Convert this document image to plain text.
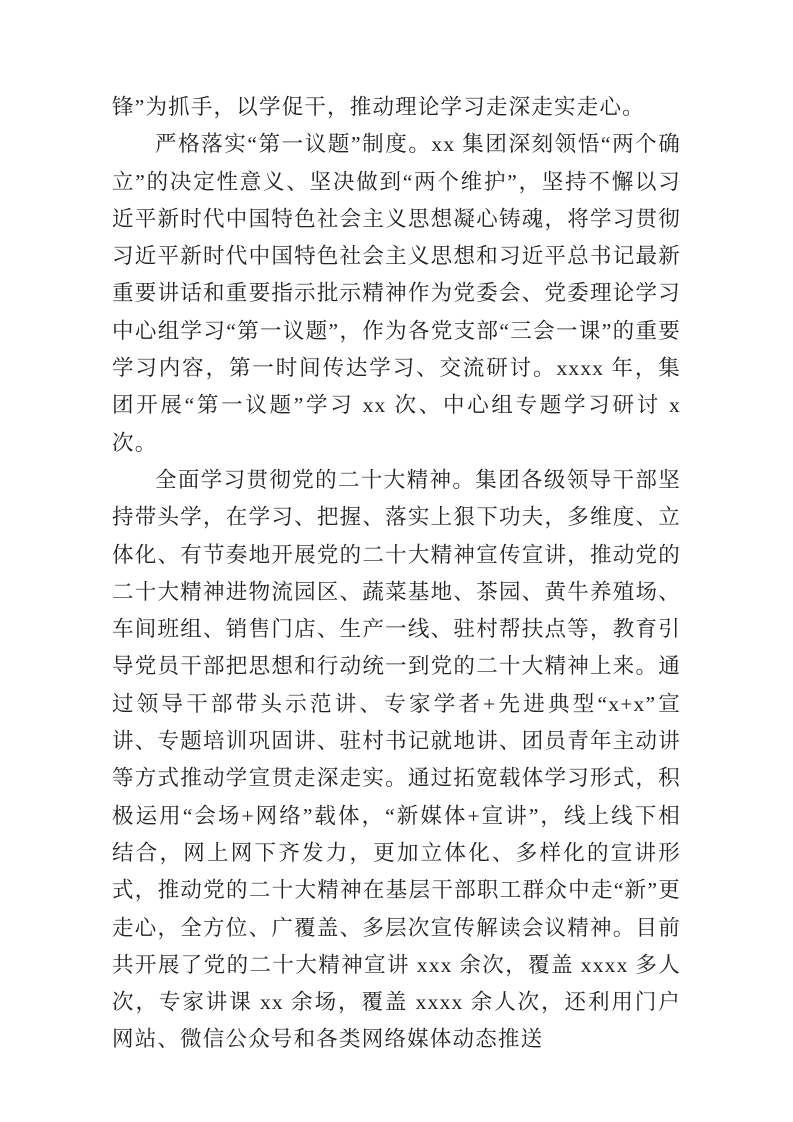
锋”为抓手，以学促干，推动理论学习走深走实走心。

严格落实“第一议题”制度。xx 集团深刻领悟“两个确立”的决定性意义、坚决做到“两个维护”，坚持不懈以习近平新时代中国特色社会主义思想凝心铸魂，将学习贯彻习近平新时代中国特色社会主义思想和习近平总书记最新重要讲话和重要指示批示精神作为党委会、党委理论学习中心组学习“第一议题”，作为各党支部“三会一课”的重要学习内容，第一时间传达学习、交流研讨。xxxx 年，集团开展“第一议题”学习 xx 次、中心组专题学习研讨 x 次。

全面学习贯彻党的二十大精神。集团各级领导干部坚持带头学，在学习、把握、落实上狠下功夫，多维度、立体化、有节奏地开展党的二十大精神宣传宣讲，推动党的二十大精神进物流园区、蔬菜基地、茶园、黄牛养殖场、车间班组、销售门店、生产一线、驻村帮扶点等，教育引导党员干部把思想和行动统一到党的二十大精神上来。通过领导干部带头示范讲、专家学者+先进典型“x+x”宣讲、专题培训巩固讲、驻村书记就地讲、团员青年主动讲等方式推动学宣贯走深走实。通过拓宽载体学习形式，积极运用“会场+网络”载体，“新媒体+宣讲”，线上线下相结合，网上网下齐发力，更加立体化、多样化的宣讲形式，推动党的二十大精神在基层干部职工群众中走“新”更走心，全方位、广覆盖、多层次宣传解读会议精神。目前共开展了党的二十大精神宣讲 xxx 余次，覆盖 xxxx 多人次，专家讲课 xx 余场，覆盖 xxxx 余人次，还利用门户网站、微信公众号和各类网络媒体动态推送
